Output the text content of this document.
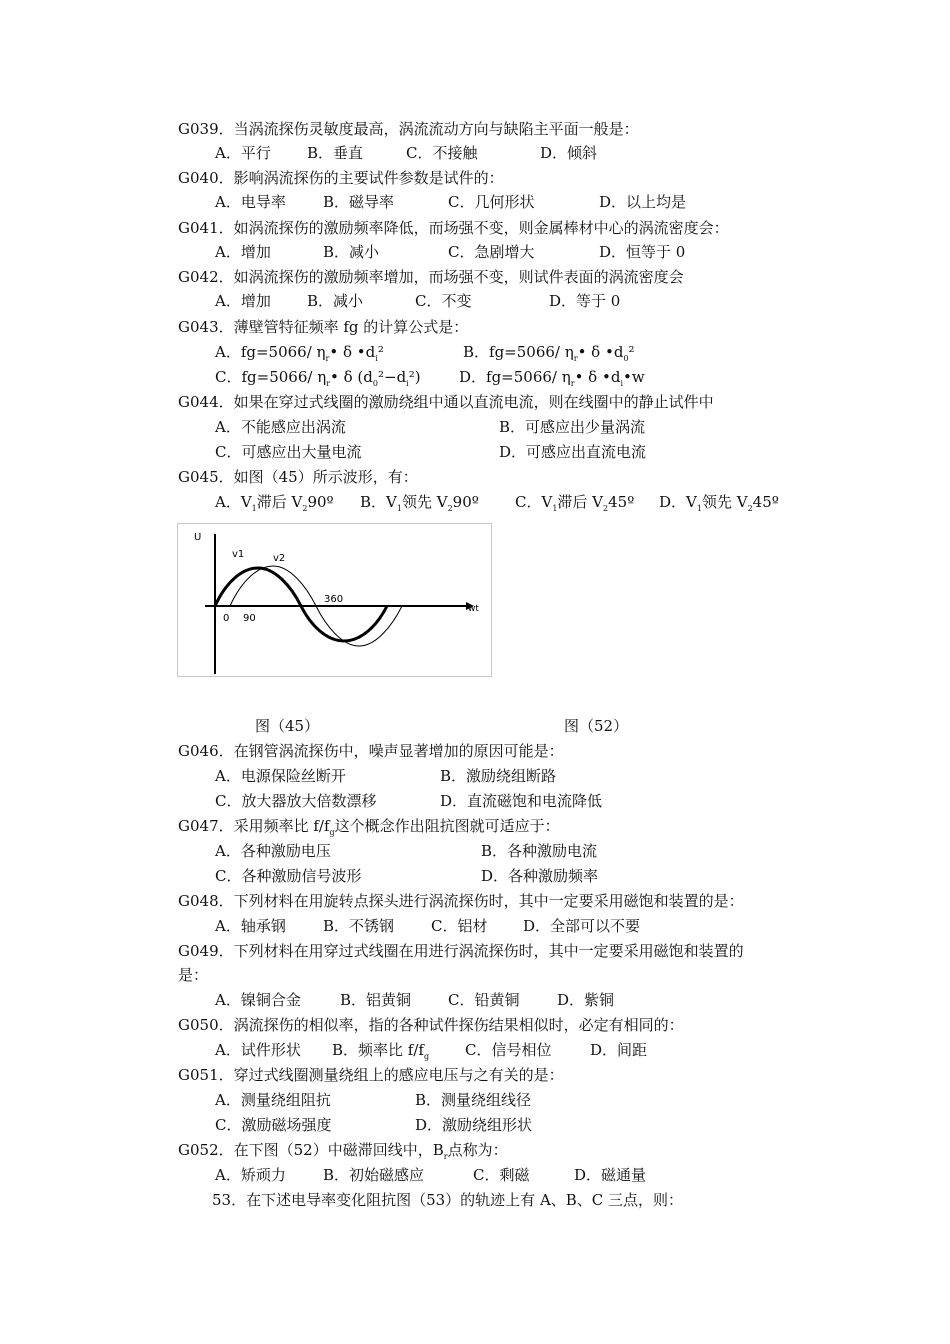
G039．当涡流探伤灵敏度最高，涡流流动方向与缺陷主平面一般是：
A．平行 B．垂直	C．不接触	D．倾斜
G040．影响涡流探伤的主要试件参数是试件的：
A．电导率 B．磁导率	C．几何形状	D．以上均是
G041．如涡流探伤的激励频率降低，而场强不变，则金属棒材中心的涡流密度会：
A．增加	B．减小	C．急剧增大	D．恒等于 0
G042．如涡流探伤的激励频率增加，而场强不变，则试件表面的涡流密度会
A．增加 B．减小	C．不变	D．等于 0
G043．薄壁管特征频率 fg 的计算公式是：
A．fg=5066/ $\eta_r•$ δ $•d_i^2$	B．fg=5066/ $\eta_r•$ δ $•d_0^2$
C．fg=5066/ $\eta_r•$ δ $(d_0^2-d_i^2)$	D．fg=5066/ $\eta_r•$ δ $•d_i•w$
G044．如果在穿过式线圈的激励绕组中通以直流电流，则在线圈中的静止试件中
A．不能感应出涡流	B．可感应出少量涡流
C．可感应出大量电流	D．可感应出直流电流
G045．如图（45）所示波形，有：
A．$V_1$滞后 $V_290º$ B．$V_1$领先 $V_290º$ C．$V_1$滞后 $V_245º$ D．$V_1$领先 $V_245º$
U
v1	v2
0 90
360
wt
图（45）	图（52）
G046．在钢管涡流探伤中，噪声显著增加的原因可能是：
A．电源保险丝断开	B．激励绕组断路
C．放大器放大倍数漂移	D．直流磁饱和电流降低
G047．采用频率比 $f/f_g$这个概念作出阻抗图就可适应于：
A．各种激励电压	B．各种激励电流
C．各种激励信号波形	D．各种激励频率
G048．下列材料在用旋转点探头进行涡流探伤时，其中一定要采用磁饱和装置的是：
A．轴承钢 B．不锈钢 C．铝材 D．全部可以不要
G049．下列材料在用穿过式线圈在用进行涡流探伤时，其中一定要采用磁饱和装置的
是：
A．镍铜合金	B．铝黄铜 C．铅黄铜	D．紫铜
G050．涡流探伤的相似率，指的各种试件探伤结果相似时，必定有相同的：
A．试件形状 B．频率比 $f/f_g$ C．信号相位	D．间距
G051．穿过式线圈测量绕组上的感应电压与之有关的是：
A．测量绕组阻抗	B．测量绕组线径
C．激励磁场强度	D．激励绕组形状
G052．在下图（52）中磁滞回线中，$B_r$点称为：
A．矫顽力 B．初始磁感应	C．剩磁	D．磁通量
53．在下述电导率变化阻抗图（53）的轨迹上有 A、B、C 三点，则：
